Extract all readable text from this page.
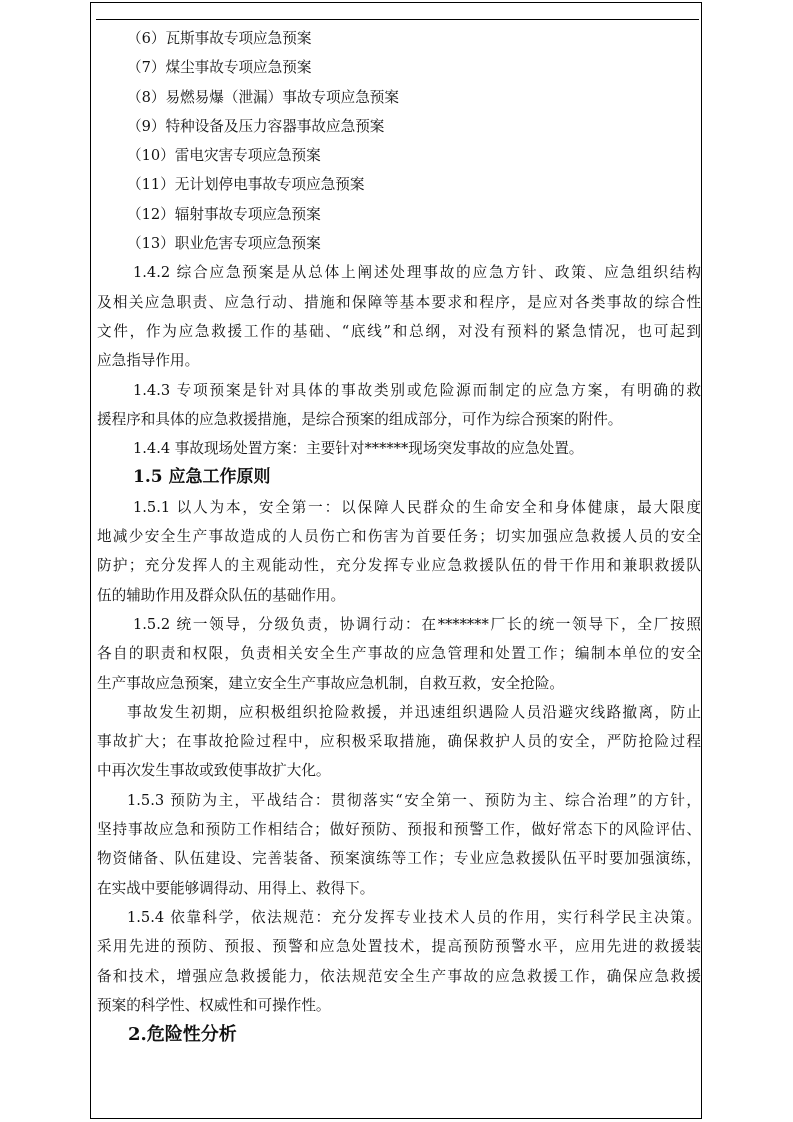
（6）瓦斯事故专项应急预案
（7）煤尘事故专项应急预案
（8）易燃易爆（泄漏）事故专项应急预案
（9）特种设备及压力容器事故应急预案
（10）雷电灾害专项应急预案
（11）无计划停电事故专项应急预案
（12）辐射事故专项应急预案
（13）职业危害专项应急预案
1.4.2 综合应急预案是从总体上阐述处理事故的应急方针、政策、应急组织结构
及相关应急职责、应急行动、措施和保障等基本要求和程序，是应对各类事故的综合性
文件，作为应急救援工作的基础、“底线”和总纲，对没有预料的紧急情况，也可起到
应急指导作用。
1.4.3 专项预案是针对具体的事故类别或危险源而制定的应急方案，有明确的救
援程序和具体的应急救援措施，是综合预案的组成部分，可作为综合预案的附件。
1.4.4 事故现场处置方案：主要针对******现场突发事故的应急处置。
1.5 应急工作原则
1.5.1 以人为本，安全第一：以保障人民群众的生命安全和身体健康，最大限度
地减少安全生产事故造成的人员伤亡和伤害为首要任务；切实加强应急救援人员的安全
防护；充分发挥人的主观能动性，充分发挥专业应急救援队伍的骨干作用和兼职救援队
伍的辅助作用及群众队伍的基础作用。
1.5.2 统一领导，分级负责，协调行动：在*******厂长的统一领导下，全厂按照
各自的职责和权限，负责相关安全生产事故的应急管理和处置工作；编制本单位的安全
生产事故应急预案，建立安全生产事故应急机制，自救互救，安全抢险。
事故发生初期，应积极组织抢险救援，并迅速组织遇险人员沿避灾线路撤离，防止
事故扩大；在事故抢险过程中，应积极采取措施，确保救护人员的安全，严防抢险过程
中再次发生事故或致使事故扩大化。
1.5.3 预防为主，平战结合：贯彻落实“安全第一、预防为主、综合治理”的方针，
坚持事故应急和预防工作相结合；做好预防、预报和预警工作，做好常态下的风险评估、
物资储备、队伍建设、完善装备、预案演练等工作；专业应急救援队伍平时要加强演练，
在实战中要能够调得动、用得上、救得下。
1.5.4 依靠科学，依法规范：充分发挥专业技术人员的作用，实行科学民主决策。
采用先进的预防、预报、预警和应急处置技术，提高预防预警水平，应用先进的救援装
备和技术，增强应急救援能力，依法规范安全生产事故的应急救援工作，确保应急救援
预案的科学性、权威性和可操作性。
2.危险性分析
